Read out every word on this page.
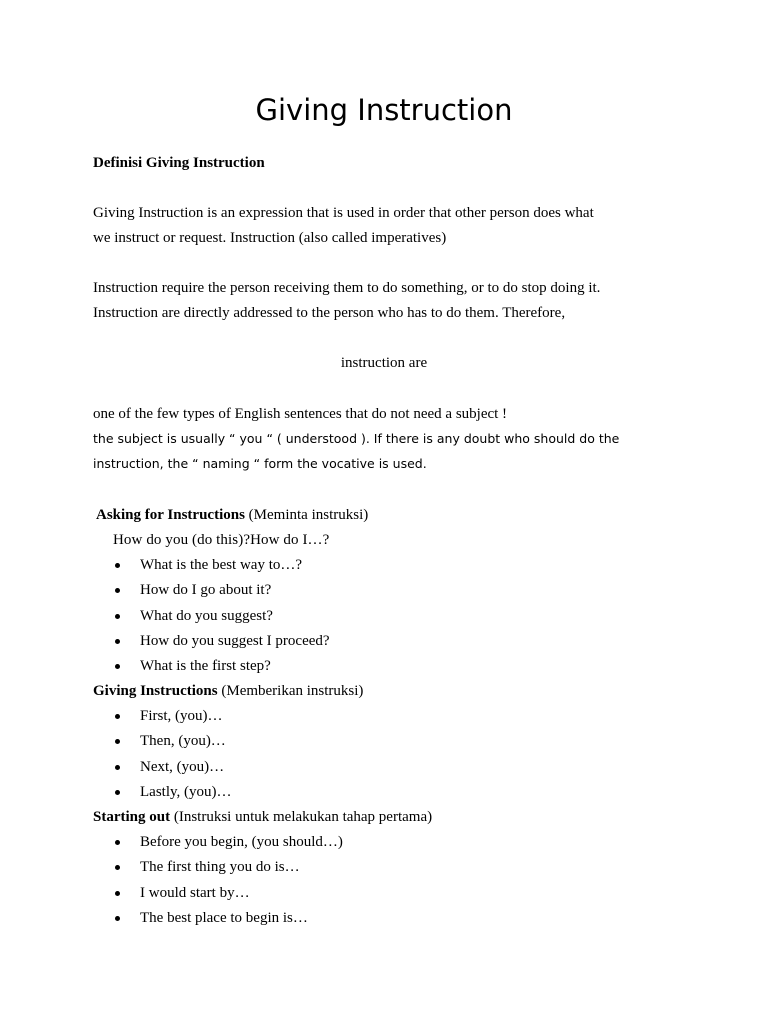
Giving Instruction
Definisi Giving Instruction
Giving Instruction is an expression that is used in order that other person does what
we instruct or request. Instruction (also called imperatives)
Instruction require the person receiving them to do something, or to do stop doing it.
Instruction are directly addressed to the person who has to do them. Therefore,
instruction are
one of the few types of English sentences that do not need a subject !
the subject is usually “ you “ ( understood ). If there is any doubt who should do the
instruction, the “ naming “ form the vocative is used.
Asking for Instructions (Meminta instruksi)
How do you (do this)?How do I…?
What is the best way to…?
How do I go about it?
What do you suggest?
How do you suggest I proceed?
What is the first step?
Giving Instructions (Memberikan instruksi)
First, (you)…
Then, (you)…
Next, (you)…
Lastly, (you)…
Starting out (Instruksi untuk melakukan tahap pertama)
Before you begin, (you should…)
The first thing you do is…
I would start by…
The best place to begin is…
